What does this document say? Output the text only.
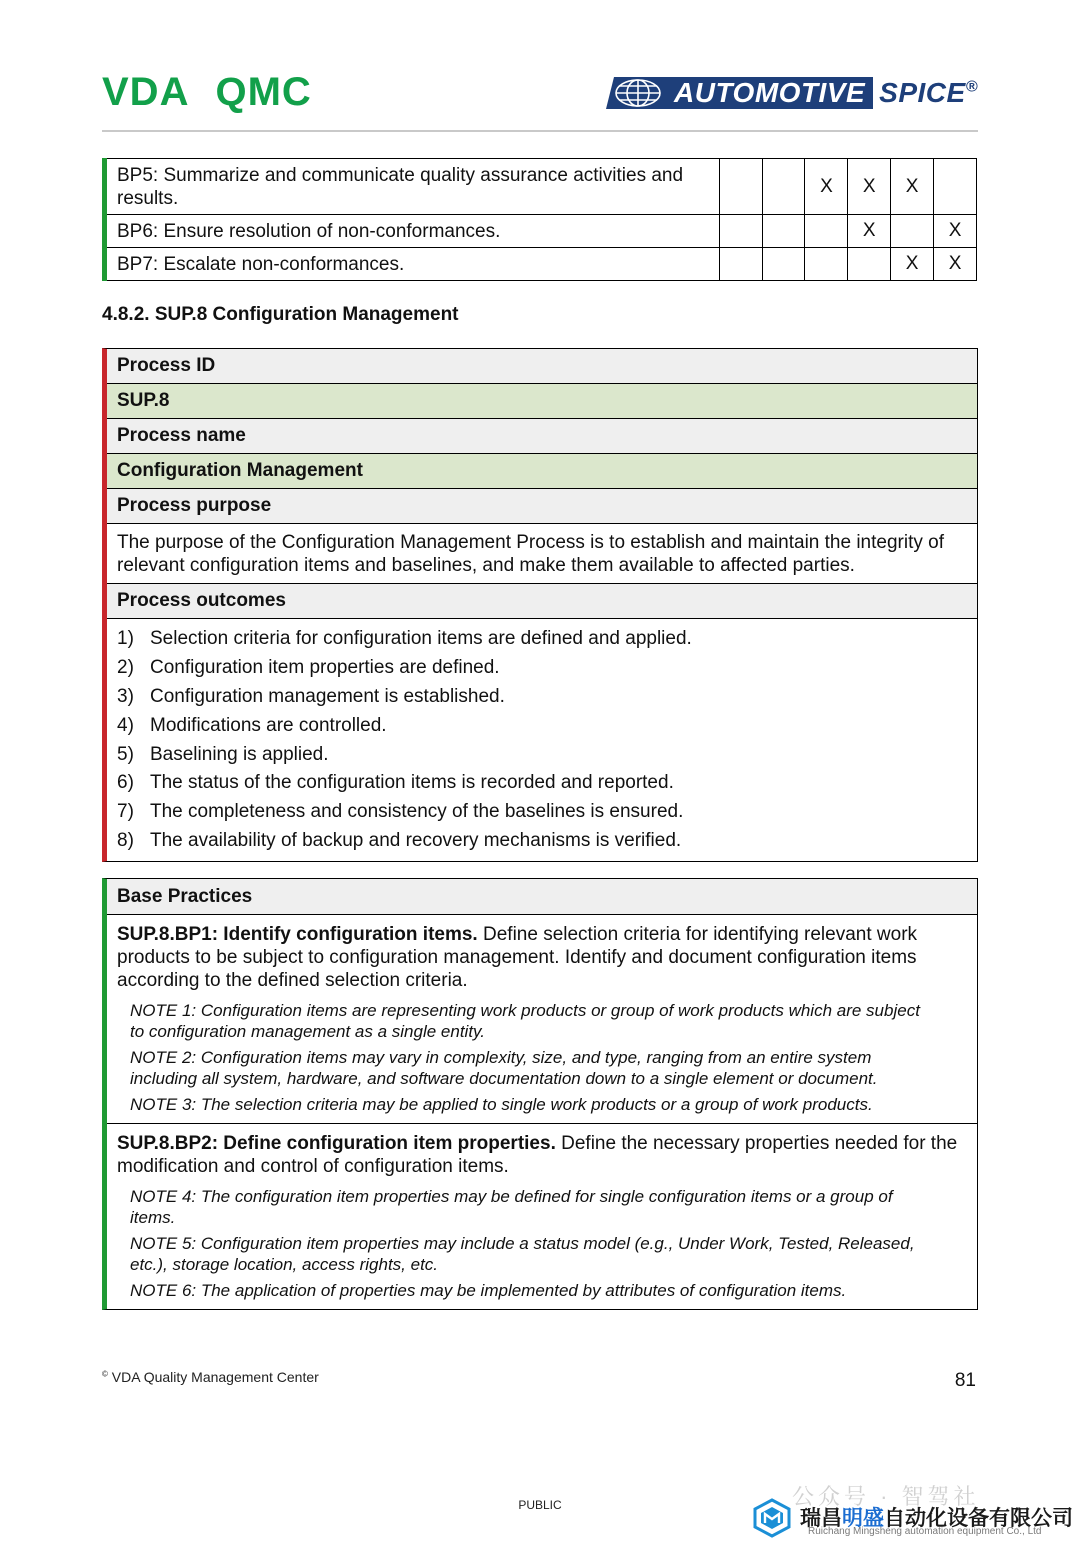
VDA QMC	AUTOMOTIVE SPICE®
BP5: Summarize and communicate quality assurance activities and results.			X	X	X	
BP6: Ensure resolution of non-conformances.				X		X
BP7: Escalate non-conformances.					X	X
4.8.2. SUP.8 Configuration Management
Process ID
SUP.8
Process name
Configuration Management
Process purpose
The purpose of the Configuration Management Process is to establish and maintain the integrity of relevant configuration items and baselines, and make them available to affected parties.
Process outcomes
1) Selection criteria for configuration items are defined and applied.
2) Configuration item properties are defined.
3) Configuration management is established.
4) Modifications are controlled.
5) Baselining is applied.
6) The status of the configuration items is recorded and reported.
7) The completeness and consistency of the baselines is ensured.
8) The availability of backup and recovery mechanisms is verified.
Base Practices
SUP.8.BP1: Identify configuration items. Define selection criteria for identifying relevant work products to be subject to configuration management. Identify and document configuration items according to the defined selection criteria.
NOTE 1: Configuration items are representing work products or group of work products which are subject to configuration management as a single entity.
NOTE 2: Configuration items may vary in complexity, size, and type, ranging from an entire system including all system, hardware, and software documentation down to a single element or document.
NOTE 3: The selection criteria may be applied to single work products or a group of work products.
SUP.8.BP2: Define configuration item properties. Define the necessary properties needed for the modification and control of configuration items.
NOTE 4: The configuration item properties may be defined for single configuration items or a group of items.
NOTE 5: Configuration item properties may include a status model (e.g., Under Work, Tested, Released, etc.), storage location, access rights, etc.
NOTE 6: The application of properties may be implemented by attributes of configuration items.
© VDA Quality Management Center	81
PUBLIC	公众号 · 智驾社
瑞昌明盛自动化设备有限公司
Ruichang Mingsheng automation equipment Co., Ltd
